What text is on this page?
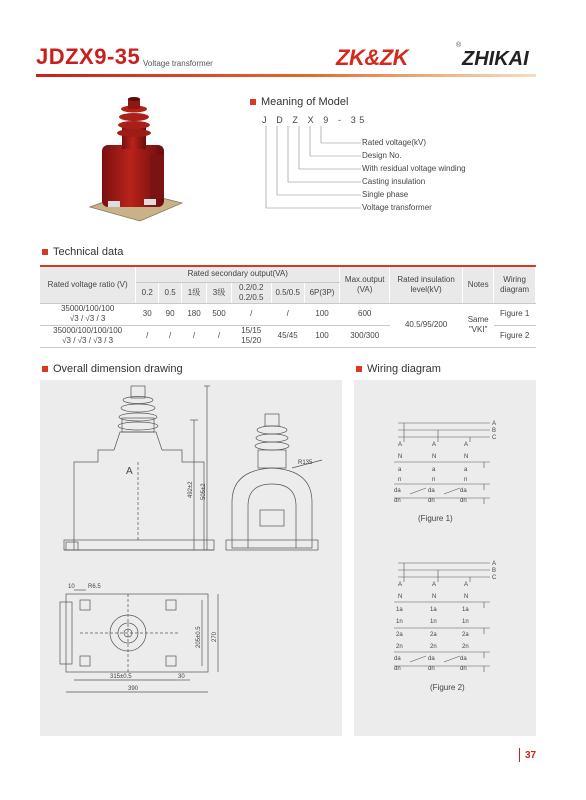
JDZX9-35 Voltage transformer	ZK&ZK	®
ZHIKAI
Meaning of Model
J D Z X 9 - 35
Rated voltage(kV)
Design No.
With residual voltage winding
Casting insulation
Single phase
Voltage transformer
Technical data
Rated voltage ratio (V)	Rated secondary output(VA)							Max.output (VA)	Rated insulation level(kV)	Notes	Wiring diagram
	0.2	0.5	1级	3级	0.2/0.2 0.2/0.5	0.5/0.5	6P(3P)				
35000/100/100
√3 / √3 / 3	30	90	180	500	/	/	100	600	40.5/95/200	Same "VKI"	Figure 1
35000/100/100/100
√3 / √3 / √3 / 3	/	/	/	/	15/15 15/20	45/45	100	300/300			Figure 2
Overall dimension drawing	Wiring diagram
A
492±2 505±2
R135
10 R6.5
205±0.5 270
315±0.5	30
390
A
B
C
A	A	A
N	N	N
a	a	a
n	n	n
da	da	da
dn	dn	dn
A
B
C
A	A	A
N	N	N
1a	1a	1a
1n	1n	1n
2a	2a	2a
2n	2n	2n
da	da	da
dn	dn	dn
(Figure 1)
(Figure 2)
37
